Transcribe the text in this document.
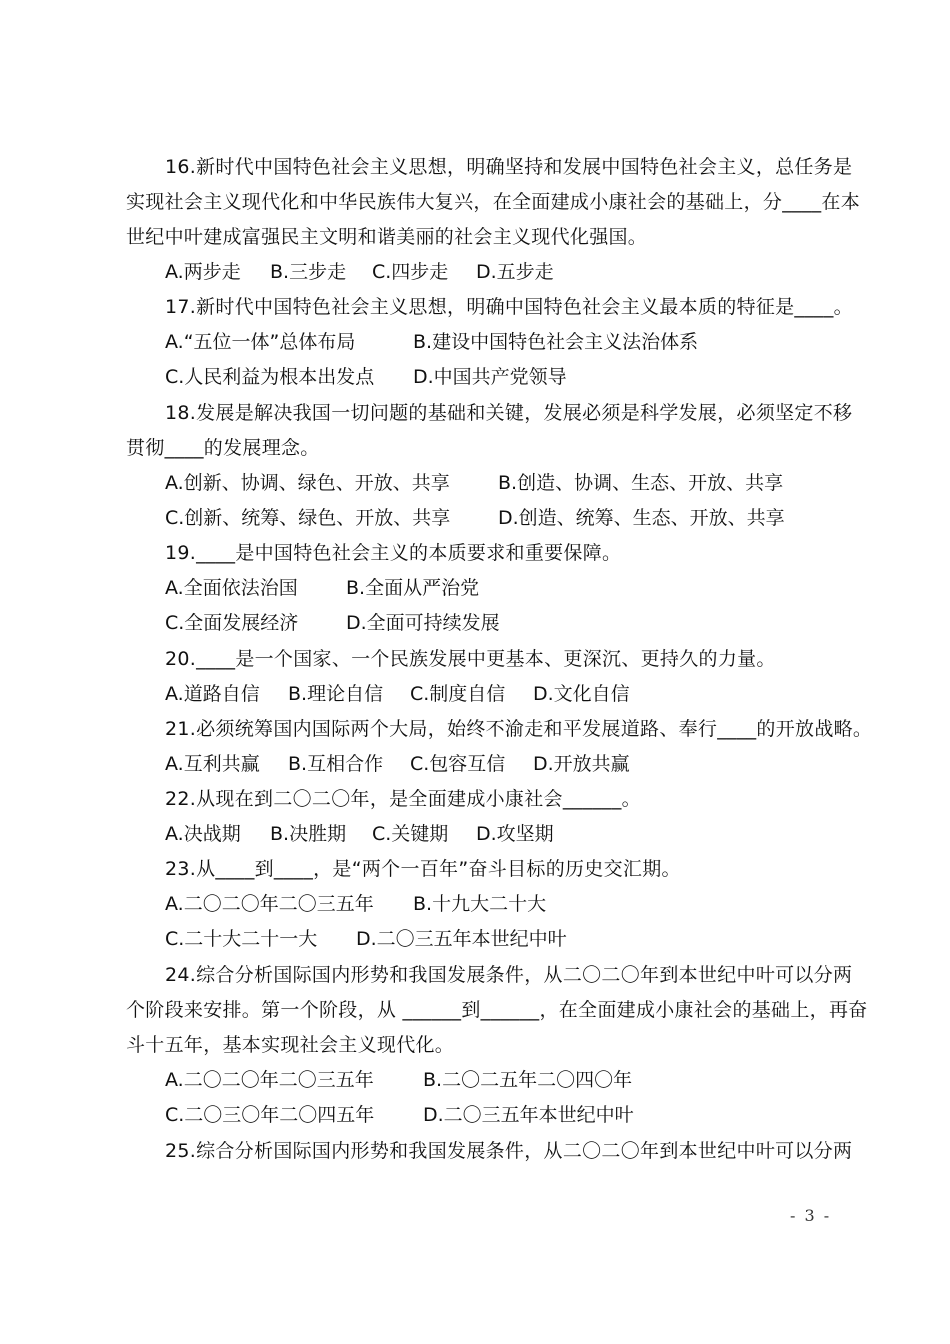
16.新时代中国特色社会主义思想，明确坚持和发展中国特色社会主义，总任务是
实现社会主义现代化和中华民族伟大复兴，在全面建成小康社会的基础上，分____在本
世纪中叶建成富强民主文明和谐美丽的社会主义现代化强国。
A.两步走 B.三步走 C.四步走 D.五步走
17.新时代中国特色社会主义思想，明确中国特色社会主义最本质的特征是____。
A.“五位一体”总体布局	B.建设中国特色社会主义法治体系
C.人民利益为根本出发点 D.中国共产党领导
18.发展是解决我国一切问题的基础和关键，发展必须是科学发展，必须坚定不移
贯彻____的发展理念。
A.创新、协调、绿色、开放、共享	B.创造、协调、生态、开放、共享
C.创新、统筹、绿色、开放、共享	D.创造、统筹、生态、开放、共享
19.____是中国特色社会主义的本质要求和重要保障。
A.全面依法治国	B.全面从严治党
C.全面发展经济	D.全面可持续发展
20.____是一个国家、一个民族发展中更基本、更深沉、更持久的力量。
A.道路自信 B.理论自信 C.制度自信 D.文化自信
21.必须统筹国内国际两个大局，始终不渝走和平发展道路、奉行____的开放战略。
A.互利共赢 B.互相合作 C.包容互信 D.开放共赢
22.从现在到二〇二〇年，是全面建成小康社会______。
A.决战期 B.决胜期 C.关键期 D.攻坚期
23.从____到____，是“两个一百年”奋斗目标的历史交汇期。
A.二〇二〇年二〇三五年 B.十九大二十大
C.二十大二十一大 D.二〇三五年本世纪中叶
24.综合分析国际国内形势和我国发展条件，从二〇二〇年到本世纪中叶可以分两
个阶段来安排。第一个阶段，从 ______到______，在全面建成小康社会的基础上，再奋
斗十五年，基本实现社会主义现代化。
A.二〇二〇年二〇三五年	B.二〇二五年二〇四〇年
C.二〇三〇年二〇四五年	D.二〇三五年本世纪中叶
25.综合分析国际国内形势和我国发展条件，从二〇二〇年到本世纪中叶可以分两
- 3 -
